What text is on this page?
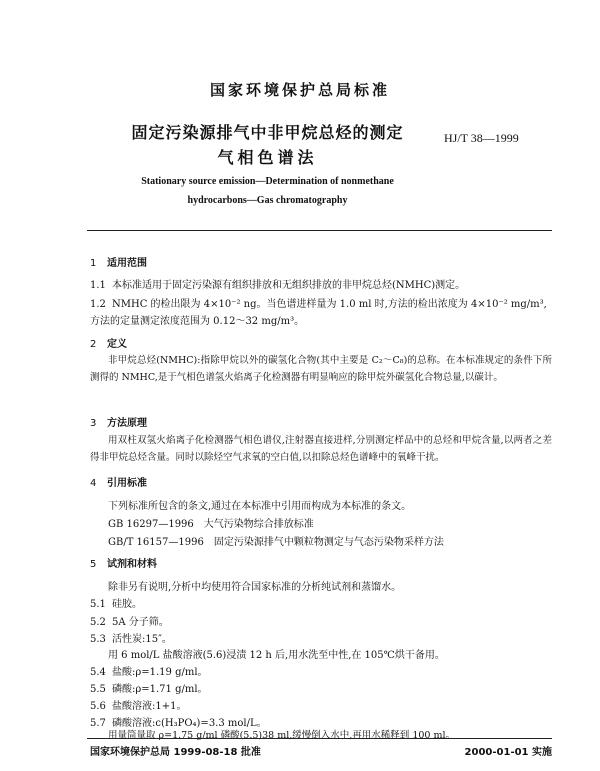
国家环境保护总局标准
固定污染源排气中非甲烷总烃的测定
气相色谱法
HJ/T 38—1999
Stationary source emission—Determination of nonmethane
hydrocarbons—Gas chromatography
1 适用范围
1.1 本标准适用于固定污染源有组织排放和无组织排放的非甲烷总烃(NMHC)测定。
1.2 NMHC 的检出限为 4×10⁻² ng。当色谱进样量为 1.0 ml 时,方法的检出浓度为 4×10⁻² mg/m³,
方法的定量测定浓度范围为 0.12～32 mg/m³。
2 定义
非甲烷总烃(NMHC):指除甲烷以外的碳氢化合物(其中主要是 C₂～C₈)的总称。在本标准规定的条件下所测得的 NMHC,是于气相色谱氢火焰离子化检测器有明显响应的除甲烷外碳氢化合物总量,以碳计。
3 方法原理
用双柱双氢火焰离子化检测器气相色谱仪,注射器直接进样,分别测定样品中的总烃和甲烷含量,以两者之差得非甲烷总烃含量。同时以除烃空气求氧的空白值,以扣除总烃色谱峰中的氧峰干扰。
4 引用标准
下列标准所包含的条文,通过在本标准中引用而构成为本标准的条文。
GB 16297—1996　大气污染物综合排放标准
GB/T 16157—1996　固定污染源排气中颗粒物测定与气态污染物采样方法
5 试剂和材料
除非另有说明,分析中均使用符合国家标准的分析纯试剂和蒸馏水。
5.1 硅胶。
5.2 5A 分子筛。
5.3 活性炭:15″。
用 6 mol/L 盐酸溶液(5.6)浸渍 12 h 后,用水洗至中性,在 105℃烘干备用。
5.4 盐酸:ρ=1.19 g/ml。
5.5 磷酸:ρ=1.71 g/ml。
5.6 盐酸溶液:1+1。
5.7 磷酸溶液:c(H₃PO₄)=3.3 mol/L。
用量筒量取 ρ=1.75 g/ml 磷酸(5.5)38 ml,缓慢倒入水中,再用水稀释到 100 ml。
国家环境保护总局 1999-08-18 批准	2000-01-01 实施
